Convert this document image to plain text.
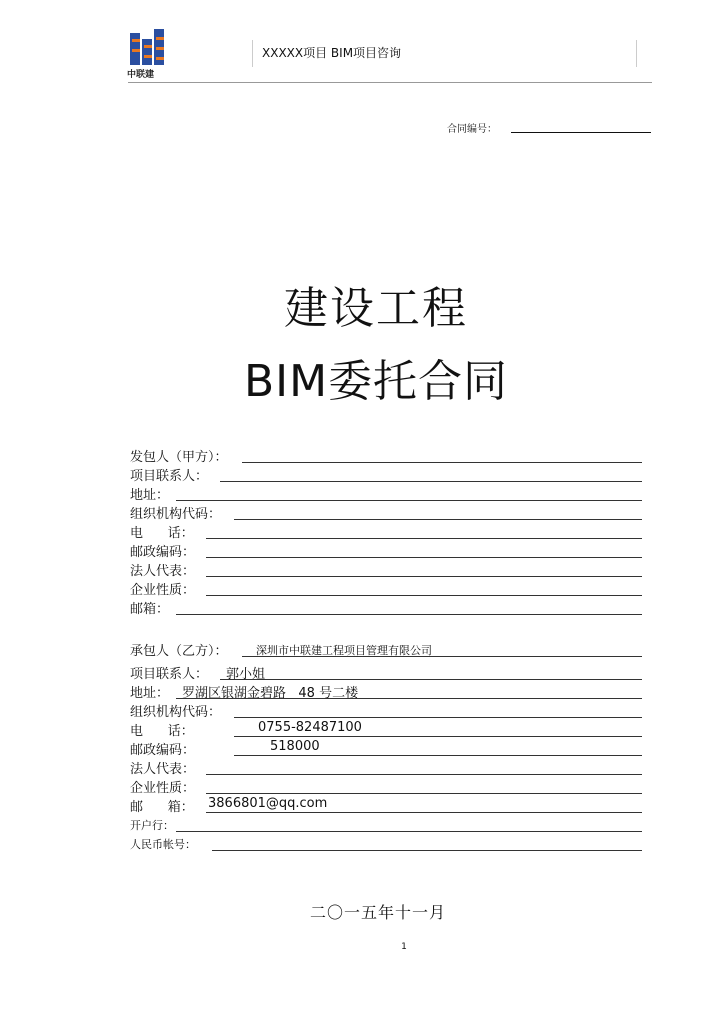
中联建
XXXXX项目 BIM项目咨询
合同编号：
建设工程
BIM委托合同
发包人（甲方）：
项目联系人：
地址：
组织机构代码：
电      话：
邮政编码：
法人代表：
企业性质：
邮箱：
承包人（乙方）：	深圳市中联建工程项目管理有限公司
项目联系人： 郭小姐
地址： 罗湖区银湖金碧路   48 号二楼
组织机构代码：
电      话：	0755-82487100
邮政编码：	518000
法人代表：
企业性质：
邮      箱： 3866801@qq.com
开户行：
人民币帐号：
二〇一五年十一月
1
